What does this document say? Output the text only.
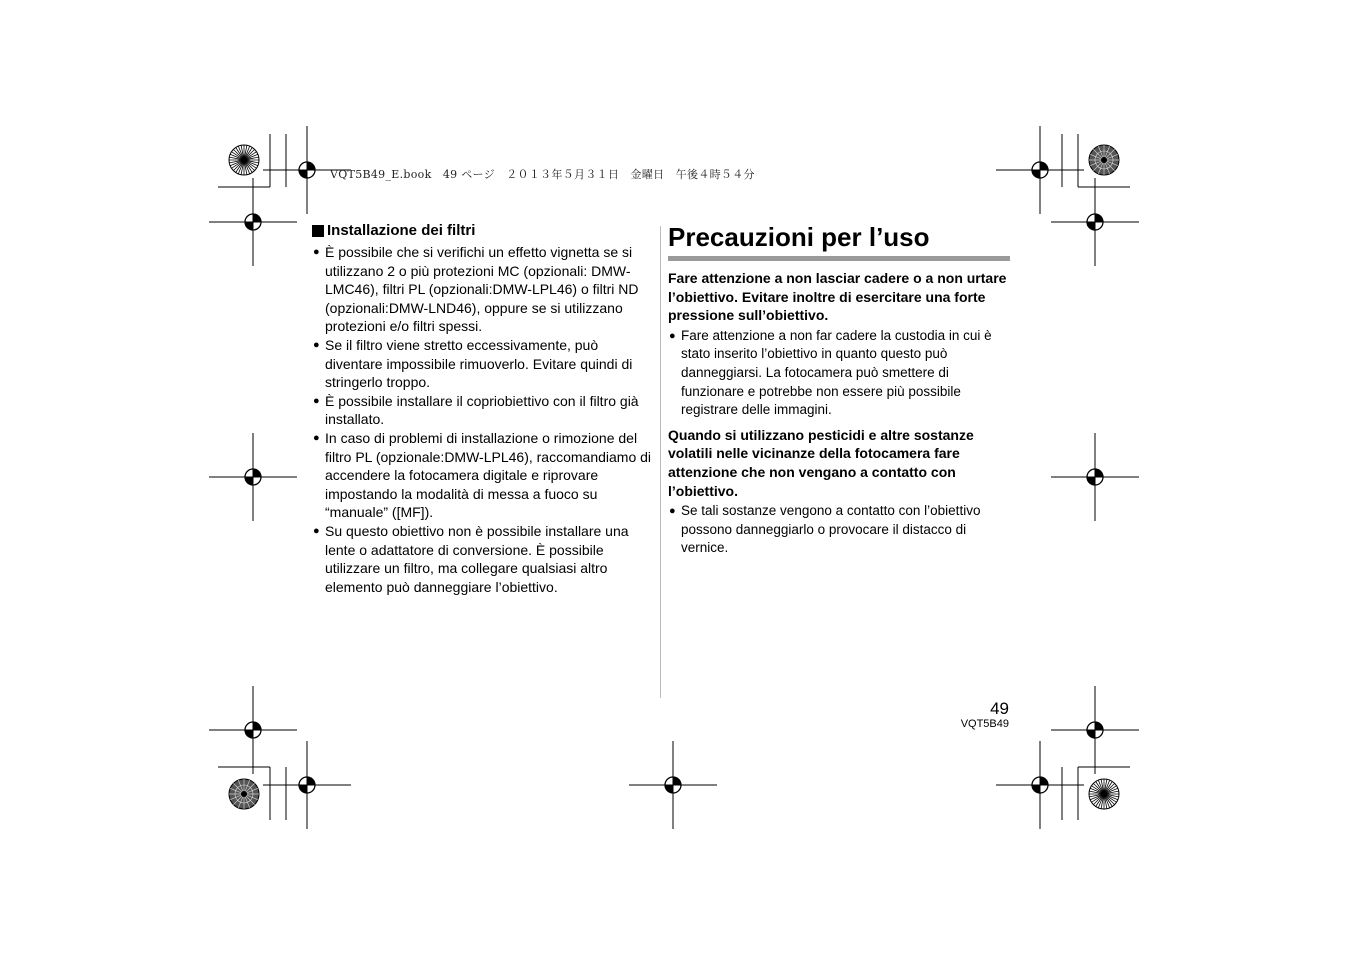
VQT5B49_E.book　49 ページ　２０１３年５月３１日　金曜日　午後４時５４分
Installazione dei filtri
● È possibile che si verifichi un effetto vignetta se si utilizzano 2 o più protezioni MC (opzionali: DMW-LMC46), filtri PL (opzionali:DMW-LPL46) o filtri ND (opzionali:DMW-LND46), oppure se si utilizzano protezioni e/o filtri spessi.
● Se il filtro viene stretto eccessivamente, può diventare impossibile rimuoverlo. Evitare quindi di stringerlo troppo.
● È possibile installare il copriobiettivo con il filtro già installato.
● In caso di problemi di installazione o rimozione del filtro PL (opzionale:DMW-LPL46), raccomandiamo di accendere la fotocamera digitale e riprovare impostando la modalità di messa a fuoco su “manuale” ([MF]).
● Su questo obiettivo non è possibile installare una lente o adattatore di conversione. È possibile utilizzare un filtro, ma collegare qualsiasi altro elemento può danneggiare l’obiettivo.
Precauzioni per l’uso

Fare attenzione a non lasciar cadere o a non urtare l’obiettivo. Evitare inoltre di esercitare una forte pressione sull’obiettivo.

● Fare attenzione a non far cadere la custodia in cui è stato inserito l’obiettivo in quanto questo può danneggiarsi. La fotocamera può smettere di funzionare e potrebbe non essere più possibile registrare delle immagini.

Quando si utilizzano pesticidi e altre sostanze volatili nelle vicinanze della fotocamera fare attenzione che non vengano a contatto con l’obiettivo.

● Se tali sostanze vengono a contatto con l’obiettivo possono danneggiarlo o provocare il distacco di vernice.
49
VQT5B49
